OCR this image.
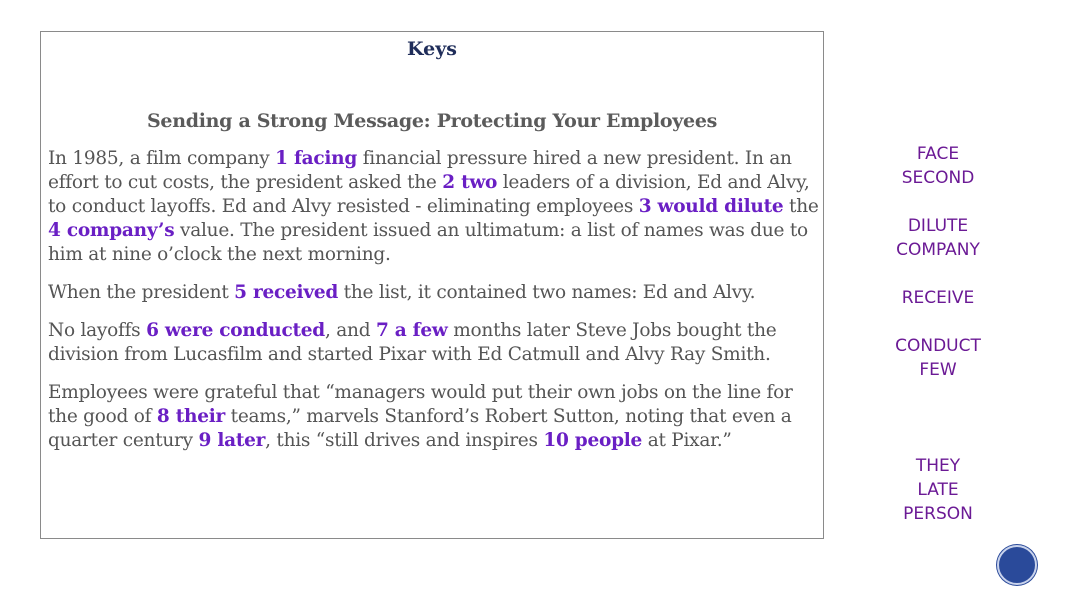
Keys
Sending a Strong Message: Protecting Your Employees

In 1985, a film company 1 facing financial pressure hired a new president. In an effort to cut costs, the president asked the 2 two leaders of a division, Ed and Alvy, to conduct layoffs. Ed and Alvy resisted - eliminating employees 3 would dilute the 4 company’s value. The president issued an ultimatum: a list of names was due to him at nine o’clock the next morning.

When the president 5 received the list, it contained two names: Ed and Alvy.

No layoffs 6 were conducted, and 7 a few months later Steve Jobs bought the division from Lucasfilm and started Pixar with Ed Catmull and Alvy Ray Smith.

Employees were grateful that “managers would put their own jobs on the line for the good of 8 their teams,” marvels Stanford’s Robert Sutton, noting that even a quarter century 9 later, this “still drives and inspires 10 people at Pixar.”

FACE
SECOND
DILUTE
COMPANY
RECEIVE
CONDUCT
FEW
THEY
LATE
PERSON
